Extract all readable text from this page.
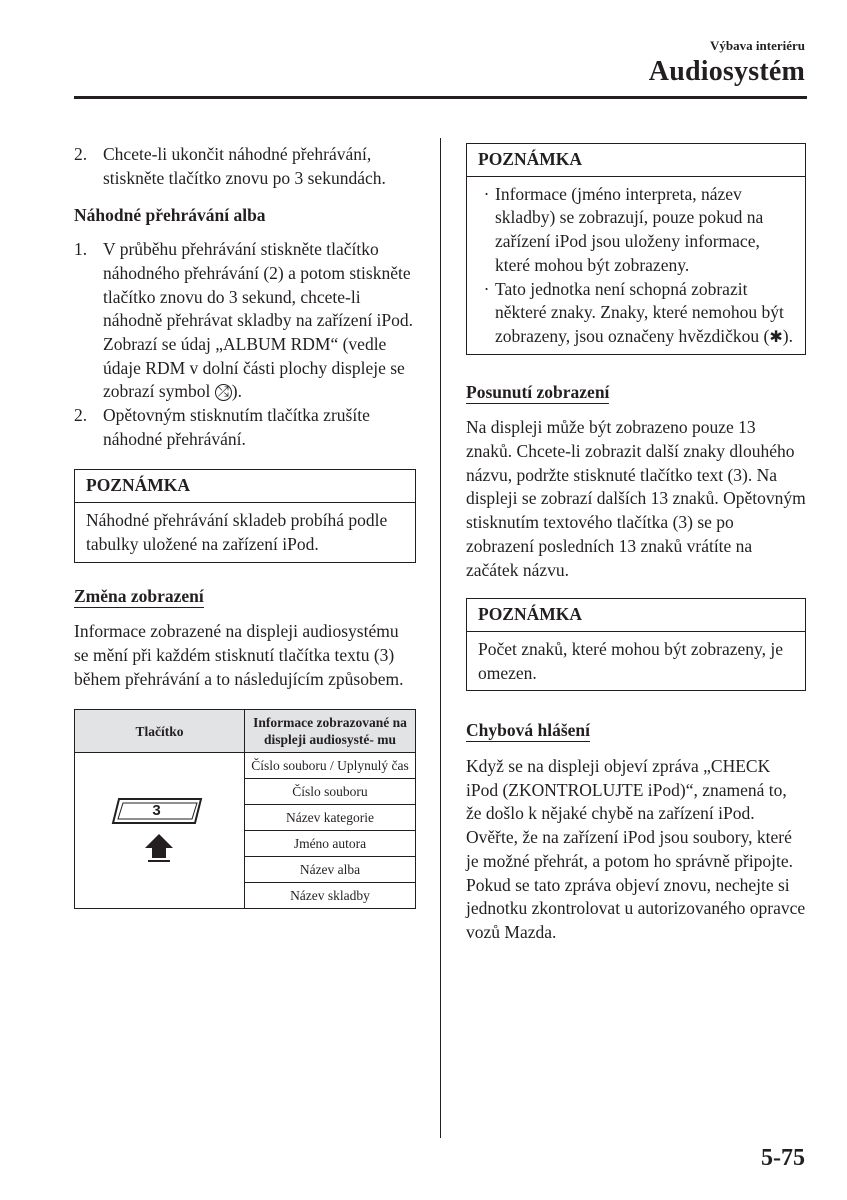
Výbava interiéru
Audiosystém
2. Chcete-li ukončit náhodné přehrávání, stiskněte tlačítko znovu po 3 sekundách.
Náhodné přehrávání alba
1. V průběhu přehrávání stiskněte tlačítko náhodného přehrávání (2) a potom stiskněte tlačítko znovu do 3 sekund, chcete-li náhodně přehrávat skladby na zařízení iPod. Zobrazí se údaj „ALBUM RDM“ (vedle údaje RDM v dolní části plochy displeje se zobrazí symbol ⤮ ).
2. Opětovným stisknutím tlačítka zrušíte náhodné přehrávání.
POZNÁMKA
Náhodné přehrávání skladeb probíhá podle tabulky uložené na zařízení iPod.
Změna zobrazení
Informace zobrazené na displeji audiosystému se mění při každém stisknutí tlačítka textu (3) během přehrávání a to následujícím způsobem.
Tlačítko	Informace zobrazované na displeji audiosysté- mu

3	Číslo souboru / Uplynulý čas
	Číslo souboru
	Název kategorie
	Jméno autora
	Název alba
	Název skladby
POZNÁMKA
· Informace (jméno interpreta, název skladby) se zobrazují, pouze pokud na zařízení iPod jsou uloženy informace, které mohou být zobrazeny.
· Tato jednotka není schopná zobrazit některé znaky. Znaky, které nemohou být zobrazeny, jsou označeny hvězdičkou (✱).
Posunutí zobrazení
Na displeji může být zobrazeno pouze 13 znaků. Chcete-li zobrazit další znaky dlouhého názvu, podržte stisknuté tlačítko text (3). Na displeji se zobrazí dalších 13 znaků. Opětovným stisknutím textového tlačítka (3) se po zobrazení posledních 13 znaků vrátíte na začátek názvu.
POZNÁMKA
Počet znaků, které mohou být zobrazeny, je omezen.
Chybová hlášení
Když se na displeji objeví zpráva „CHECK iPod (ZKONTROLUJTE iPod)“, znamená to, že došlo k nějaké chybě na zařízení iPod. Ověřte, že na zařízení iPod jsou soubory, které je možné přehrát, a potom ho správně připojte. Pokud se tato zpráva objeví znovu, nechejte si jednotku zkontrolovat u autorizovaného opravce vozů Mazda.
5-75
